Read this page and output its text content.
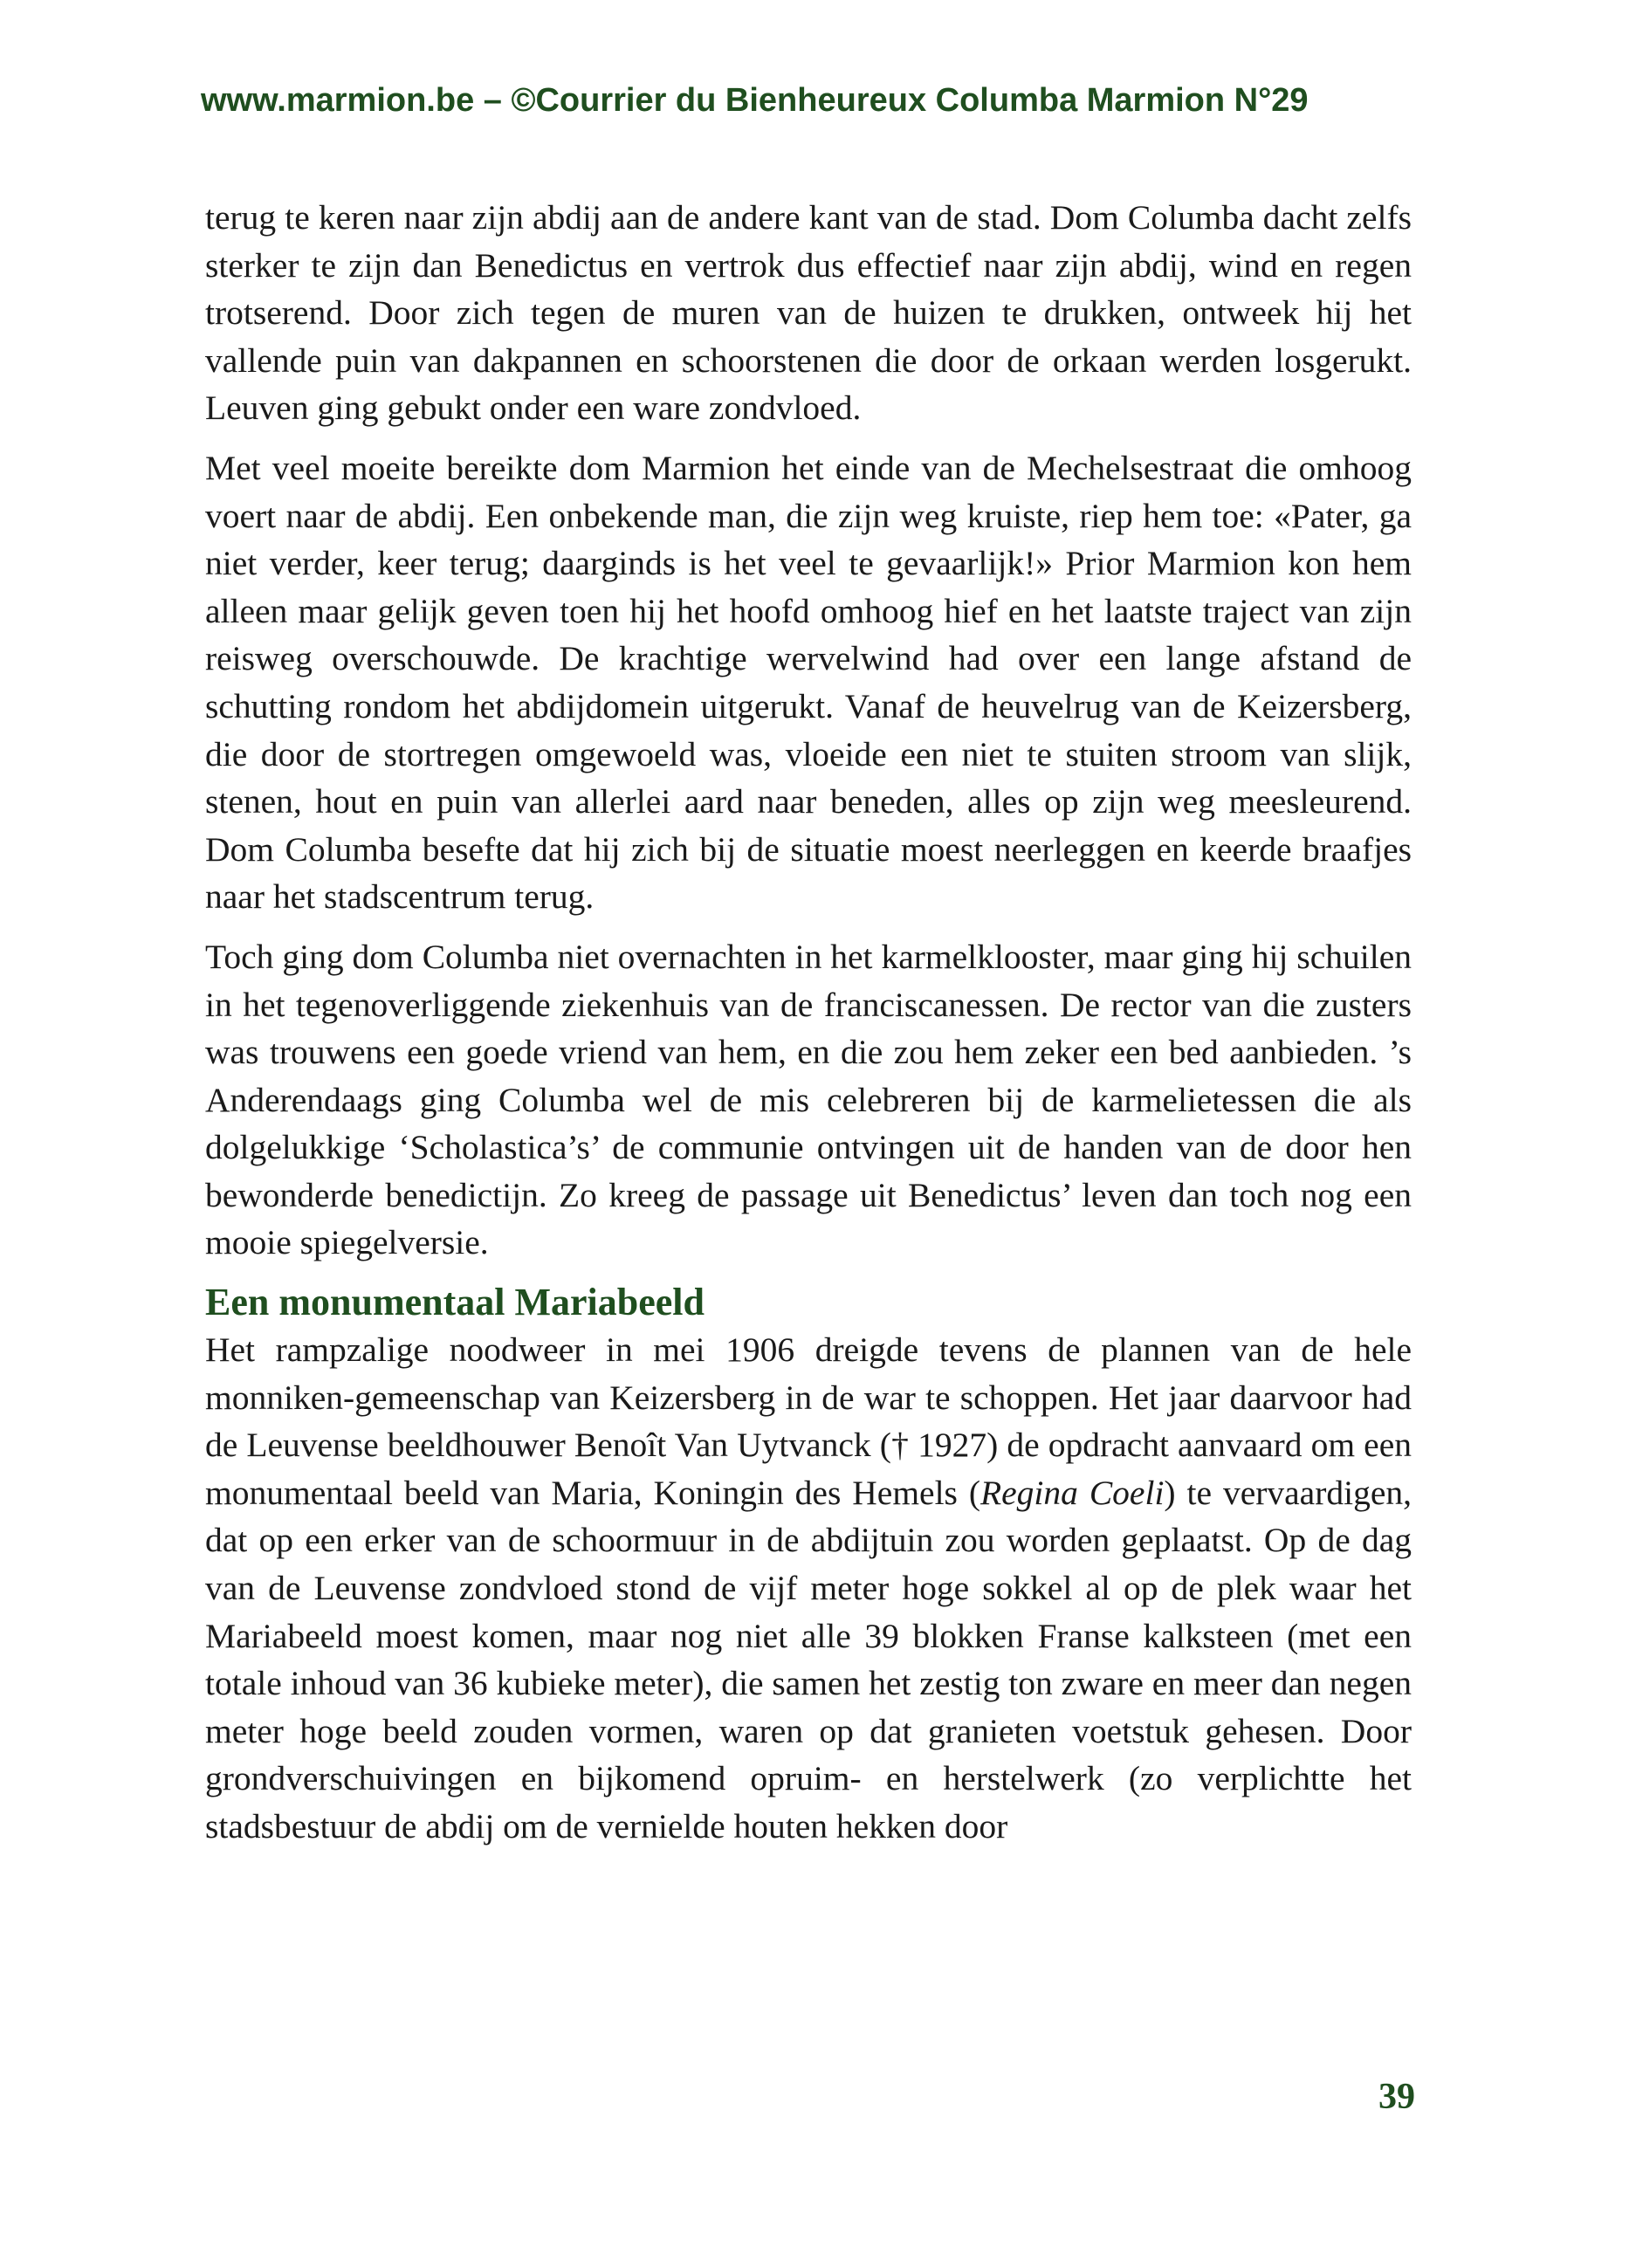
www.marmion.be – ©Courrier du Bienheureux Columba Marmion N°29

terug te keren naar zijn abdij aan de andere kant van de stad. Dom Columba dacht zelfs sterker te zijn dan Benedictus en vertrok dus effectief naar zijn abdij, wind en regen trotserend. Door zich tegen de muren van de huizen te drukken, ontweek hij het vallende puin van dakpannen en schoorstenen die door de orkaan werden losgerukt. Leuven ging gebukt onder een ware zondvloed.

Met veel moeite bereikte dom Marmion het einde van de Mechelsestraat die omhoog voert naar de abdij. Een onbekende man, die zijn weg kruiste, riep hem toe: «Pater, ga niet verder, keer terug; daarginds is het veel te gevaarlijk!» Prior Marmion kon hem alleen maar gelijk geven toen hij het hoofd omhoog hief en het laatste traject van zijn reisweg overschouwde. De krachtige wervelwind had over een lange afstand de schutting rondom het abdijdomein uitgerukt. Vanaf de heuvelrug van de Keizersberg, die door de stortregen omgewoeld was, vloeide een niet te stuiten stroom van slijk, stenen, hout en puin van allerlei aard naar beneden, alles op zijn weg meesleurend. Dom Columba besefte dat hij zich bij de situatie moest neerleggen en keerde braafjes naar het stadscentrum terug.

Toch ging dom Columba niet overnachten in het karmelklooster, maar ging hij schuilen in het tegenoverliggende ziekenhuis van de franciscanessen. De rector van die zusters was trouwens een goede vriend van hem, en die zou hem zeker een bed aanbieden. ’s Anderendaags ging Columba wel de mis celebreren bij de karmelietessen die als dolgelukkige ‘Scholastica’s’ de communie ontvingen uit de handen van de door hen bewonderde benedictijn. Zo kreeg de passage uit Benedictus’ leven dan toch nog een mooie spiegelversie.

Een monumentaal Mariabeeld

Het rampzalige noodweer in mei 1906 dreigde tevens de plannen van de hele monniken-gemeenschap van Keizersberg in de war te schoppen. Het jaar daarvoor had de Leuvense beeldhouwer Benoît Van Uytvanck († 1927) de opdracht aanvaard om een monumentaal beeld van Maria, Koningin des Hemels (Regina Coeli) te vervaardigen, dat op een erker van de schoormuur in de abdijtuin zou worden geplaatst. Op de dag van de Leuvense zondvloed stond de vijf meter hoge sokkel al op de plek waar het Mariabeeld moest komen, maar nog niet alle 39 blokken Franse kalksteen (met een totale inhoud van 36 kubieke meter), die samen het zestig ton zware en meer dan negen meter hoge beeld zouden vormen, waren op dat granieten voetstuk gehesen. Door grondverschuivingen en bijkomend opruim- en herstelwerk (zo verplichtte het stadsbestuur de abdij om de vernielde houten hekken door

39
